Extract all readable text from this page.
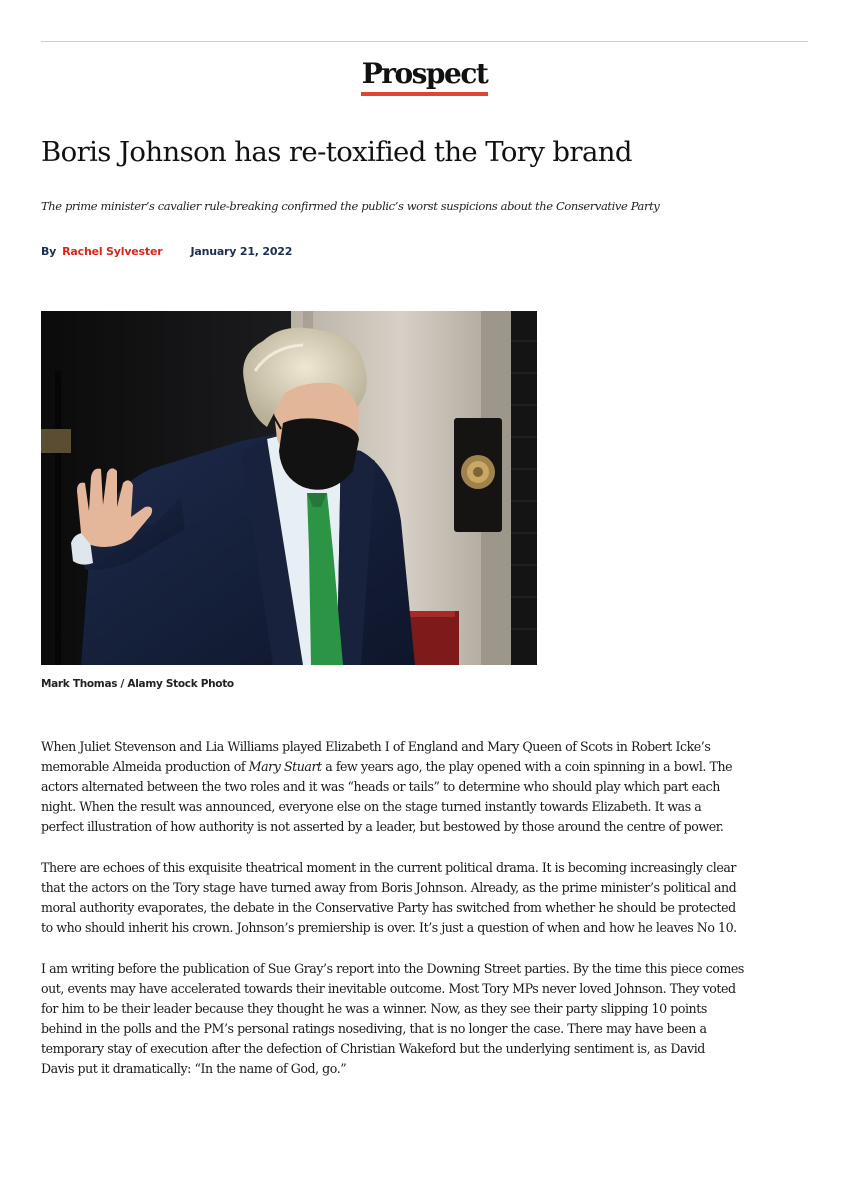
Prospect
Boris Johnson has re-toxified the Tory brand

The prime minister’s cavalier rule-breaking confirmed the public’s worst suspicions about the Conservative Party

By Rachel Sylvester	January 21, 2022
Mark Thomas / Alamy Stock Photo

When Juliet Stevenson and Lia Williams played Elizabeth I of England and Mary Queen of Scots in Robert Icke’s
memorable Almeida production of Mary Stuart a few years ago, the play opened with a coin spinning in a bowl. The
actors alternated between the two roles and it was “heads or tails” to determine who should play which part each
night. When the result was announced, everyone else on the stage turned instantly towards Elizabeth. It was a
perfect illustration of how authority is not asserted by a leader, but bestowed by those around the centre of power.

There are echoes of this exquisite theatrical moment in the current political drama. It is becoming increasingly clear
that the actors on the Tory stage have turned away from Boris Johnson. Already, as the prime minister’s political and
moral authority evaporates, the debate in the Conservative Party has switched from whether he should be protected
to who should inherit his crown. Johnson’s premiership is over. It’s just a question of when and how he leaves No 10.

I am writing before the publication of Sue Gray’s report into the Downing Street parties. By the time this piece comes
out, events may have accelerated towards their inevitable outcome. Most Tory MPs never loved Johnson. They voted
for him to be their leader because they thought he was a winner. Now, as they see their party slipping 10 points
behind in the polls and the PM’s personal ratings nosediving, that is no longer the case. There may have been a
temporary stay of execution after the defection of Christian Wakeford but the underlying sentiment is, as David
Davis put it dramatically: “In the name of God, go.”
